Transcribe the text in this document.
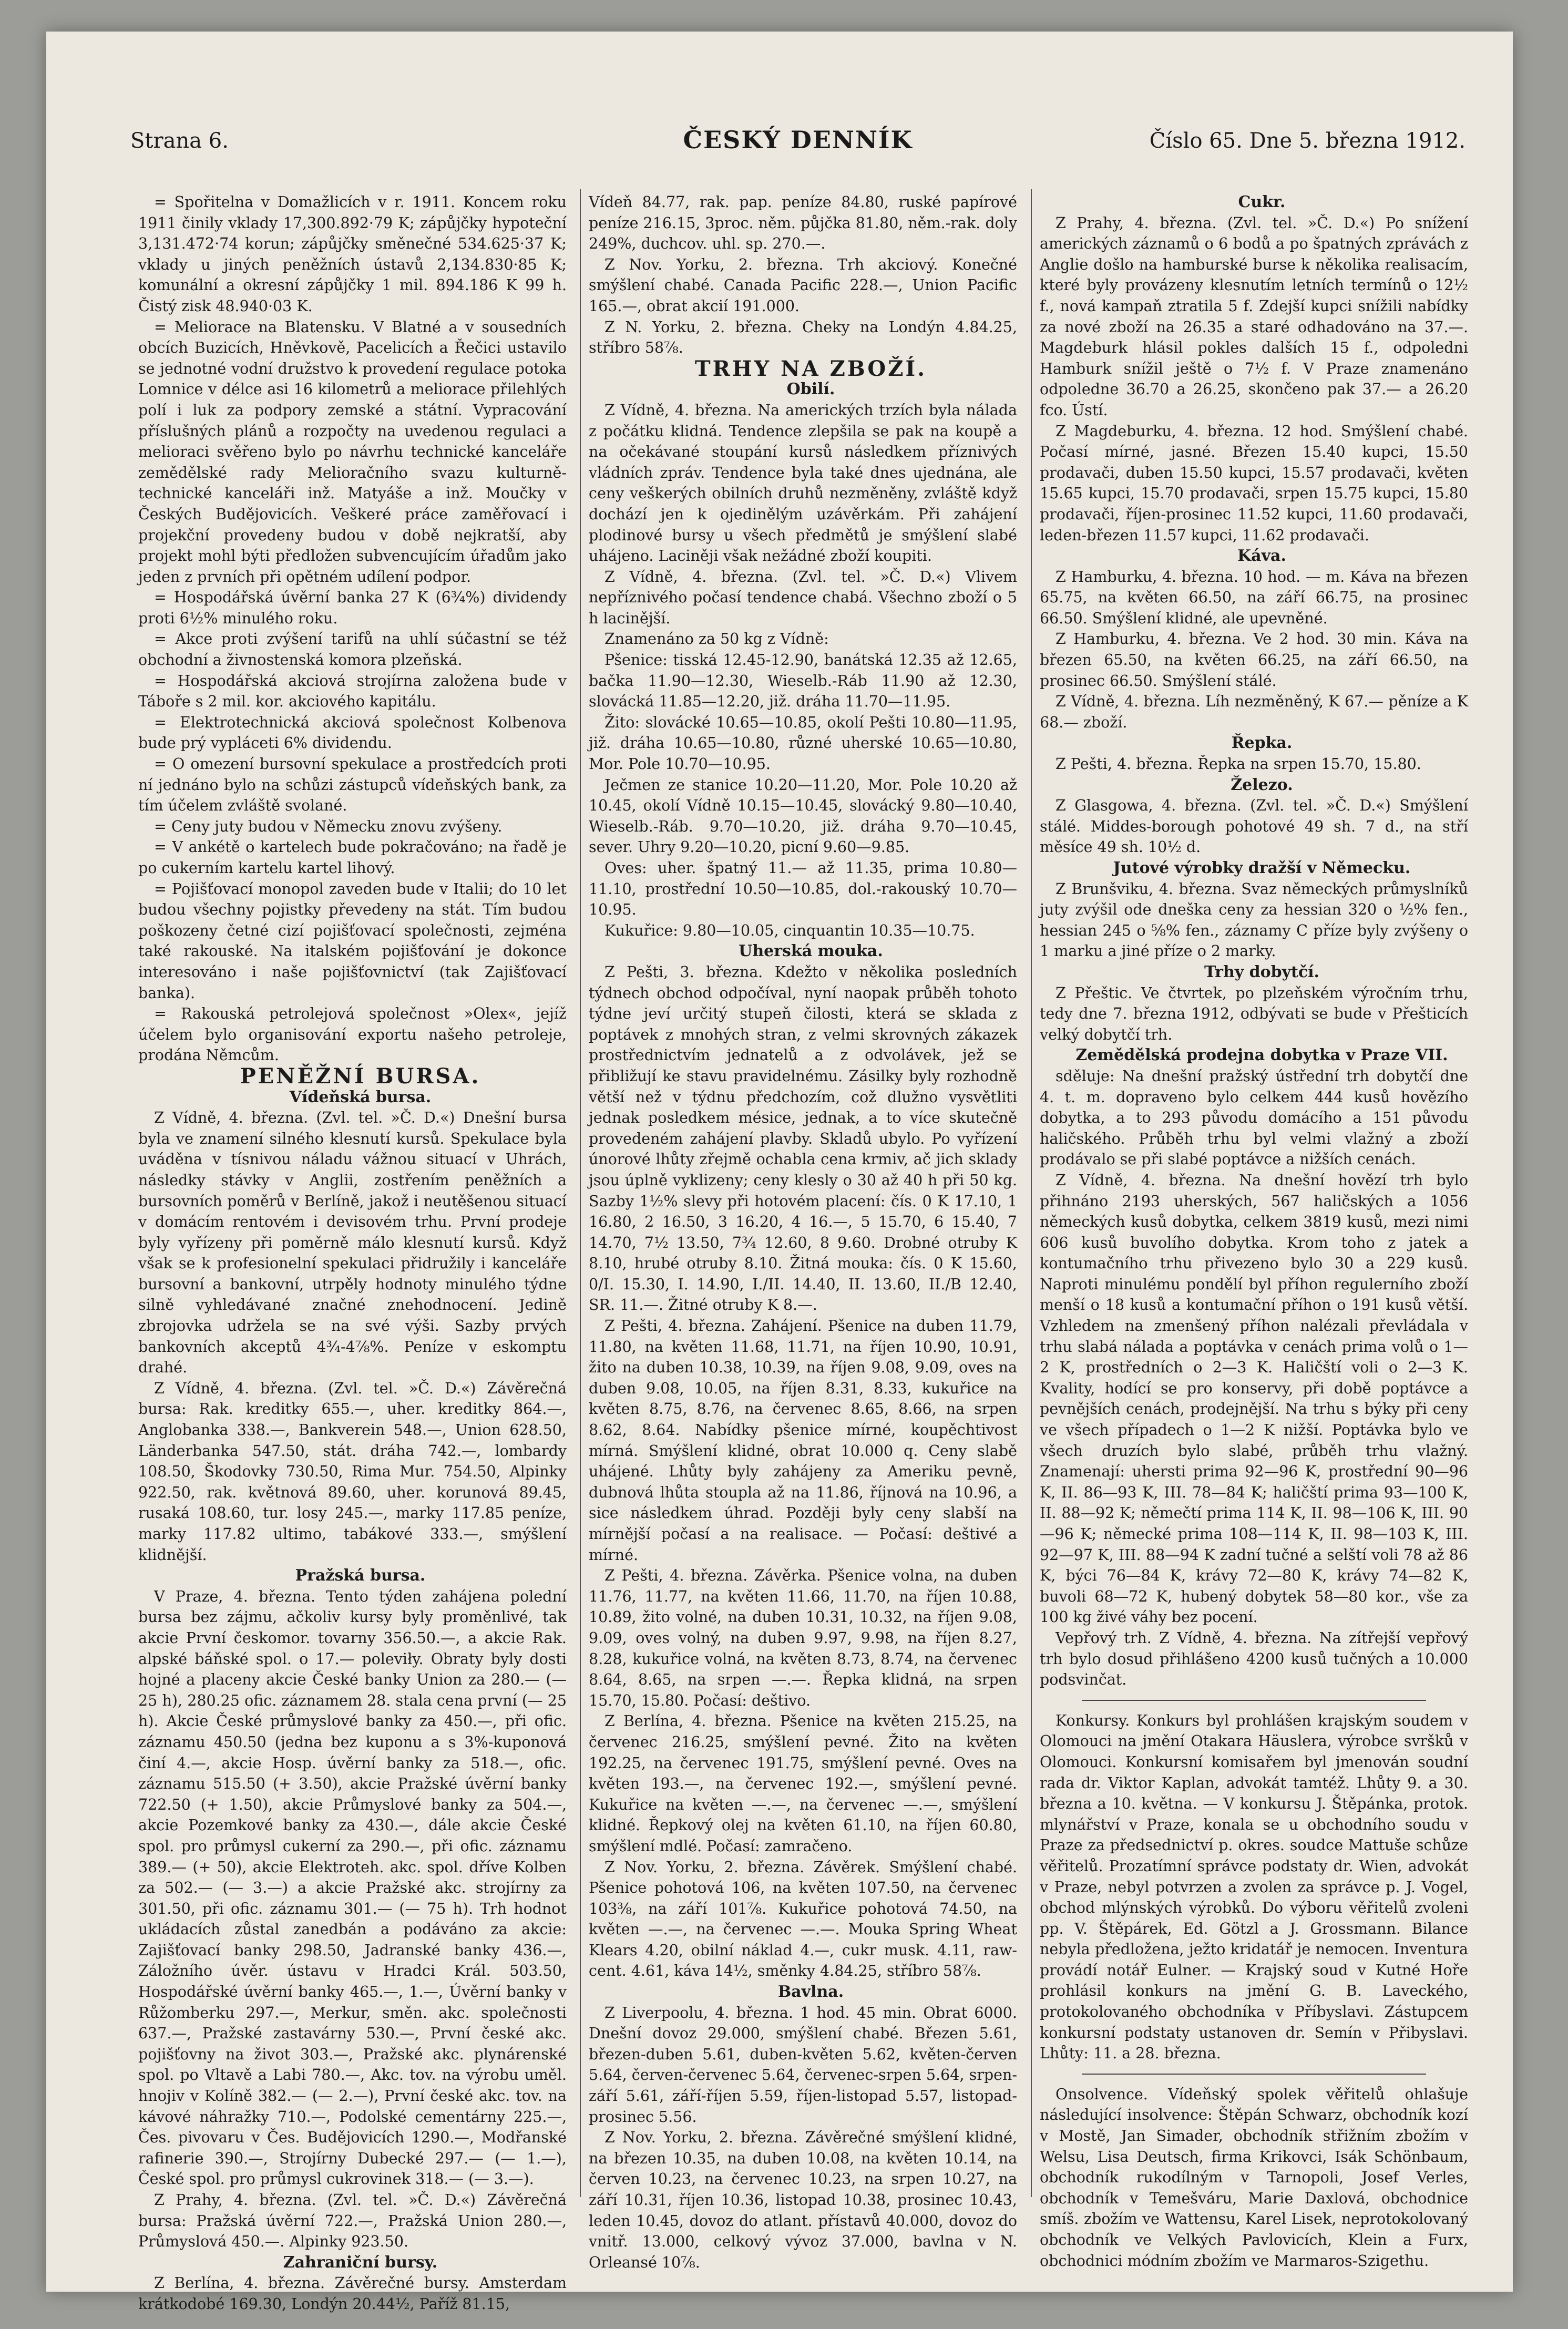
Strana 6.	ČESKÝ DENNÍK	Číslo 65. Dne 5. března 1912.

= Spořitelna v Domažlicích v r. 1911. Koncem roku 1911 činily vklady 17,300.892·79 K; zápůjčky hypoteční 3,131.472·74 korun; zápůjčky směnečné 534.625·37 K; vklady u jiných peněžních ústavů 2,134.830·85 K; komunální a okresní zápůjčky 1 mil. 894.186 K 99 h. Čistý zisk 48.940·03 K.

= Meliorace na Blatensku. V Blatné a v sousedních obcích Buzicích, Hněvkově, Pacelicích a Řečici ustavilo se jednotné vodní družstvo k provedení regulace potoka Lomnice v délce asi 16 kilometrů a meliorace přilehlých polí i luk za podpory zemské a státní. Vypracování příslušných plánů a rozpočty na uvedenou regulaci a melioraci svěřeno bylo po návrhu technické kanceláře zemědělské rady Melioračního svazu kulturně-technické kanceláři inž. Matyáše a inž. Moučky v Českých Budějovicích. Veškeré práce zaměřovací i projekční provedeny budou v době nejkratší, aby projekt mohl býti předložen subvencujícím úřadům jako jeden z prvních při opětném udílení podpor.

= Hospodářská úvěrní banka 27 K (6¾%) dividendy proti 6½% minulého roku.

= Akce proti zvýšení tarifů na uhlí súčastní se též obchodní a živnostenská komora plzeňská.

= Hospodářská akciová strojírna založena bude v Táboře s 2 mil. kor. akciového kapitálu.

= Elektrotechnická akciová společnost Kolbenova bude prý vypláceti 6% dividendu.

= O omezení bursovní spekulace a prostředcích proti ní jednáno bylo na schůzi zástupců vídeňských bank, za tím účelem zvláště svolané.

= Ceny juty budou v Německu znovu zvýšeny.

= V ankétě o kartelech bude pokračováno; na řadě je po cukerním kartelu kartel lihový.

= Pojišťovací monopol zaveden bude v Italii; do 10 let budou všechny pojistky převedeny na stát. Tím budou poškozeny četné cizí pojišťovací společnosti, zejména také rakouské. Na italském pojišťování je dokonce interesováno i naše pojišťovnictví (tak Zajišťovací banka).

= Rakouská petrolejová společnost »Olex«, jejíž účelem bylo organisování exportu našeho petroleje, prodána Němcům.

PENĚŽNÍ BURSA.

Vídeňská bursa.

Z Vídně, 4. března. (Zvl. tel. »Č. D.«) Dnešní bursa byla ve znamení silného klesnutí kursů. Spekulace byla uváděna v tísnivou náladu vážnou situací v Uhrách, následky stávky v Anglii, zostřením peněžních a bursovních poměrů v Berlíně, jakož i neutěšenou situací v domácím rentovém i devisovém trhu. První prodeje byly vyřízeny při poměrně málo klesnutí kursů. Když však se k profesionelní spekulaci přidružily i kanceláře bursovní a bankovní, utrpěly hodnoty minulého týdne silně vyhledávané značné znehodnocení. Jedině zbrojovka udržela se na své výši. Sazby prvých bankovních akceptů 4¾-4⅞%. Peníze v eskomptu drahé.

Z Vídně, 4. března. (Zvl. tel. »Č. D.«) Závěrečná bursa: Rak. kreditky 655.—, uher. kreditky 864.—, Anglobanka 338.—, Bankverein 548.—, Union 628.50, Länderbanka 547.50, stát. dráha 742.—, lombardy 108.50, Škodovky 730.50, Rima Mur. 754.50, Alpinky 922.50, rak. květnová 89.60, uher. korunová 89.45, rusaká 108.60, tur. losy 245.—, marky 117.85 peníze, marky 117.82 ultimo, tabákové 333.—, smýšlení klidnější.

Pražská bursa.

V Praze, 4. března. Tento týden zahájena polední bursa bez zájmu, ačkoliv kursy byly proměnlivé, tak akcie První českomor. tovarny 356.50.—, a akcie Rak. alpské báňské spol. o 17.— poleviły. Obraty byly dosti hojné a placeny akcie České banky Union za 280.— (— 25 h), 280.25 ofic. záznamem 28. stala cena první (— 25 h). Akcie České průmyslové banky za 450.—, při ofic. záznamu 450.50 (jedna bez kuponu a s 3%-kuponová činí 4.—, akcie Hosp. úvěrní banky za 518.—, ofic. záznamu 515.50 (+ 3.50), akcie Pražské úvěrní banky 722.50 (+ 1.50), akcie Průmyslové banky za 504.—, akcie Pozemkové banky za 430.—, dále akcie České spol. pro průmysl cukerní za 290.—, při ofic. záznamu 389.— (+ 50), akcie Elektroteh. akc. spol. dříve Kolben za 502.— (— 3.—) a akcie Pražské akc. strojírny za 301.50, při ofic. záznamu 301.— (— 75 h). Trh hodnot ukládacích zůstal zanedbán a podáváno za akcie: Zajišťovací banky 298.50, Jadranské banky 436.—, Záložního úvěr. ústavu v Hradci Král. 503.50, Hospodářské úvěrní banky 465.—, 1.—, Úvěrní banky v Růžomberku 297.—, Merkur, směn. akc. společnosti 637.—, Pražské zastavárny 530.—, První české akc. pojišťovny na život 303.—, Pražské akc. plynárenské spol. po Vltavě a Labi 780.—, Akc. tov. na výrobu uměl. hnojiv v Kolíně 382.— (— 2.—), První české akc. tov. na kávové náhražky 710.—, Podolské cementárny 225.—, Čes. pivovaru v Čes. Budějovicích 1290.—, Modřanské rafinerie 390.—, Strojírny Dubecké 297.— (— 1.—), České spol. pro průmysl cukrovinek 318.— (— 3.—).

Z Prahy, 4. března. (Zvl. tel. »Č. D.«) Závěrečná bursa: Pražská úvěrní 722.—, Pražská Union 280.—, Průmyslová 450.—. Alpinky 923.50.

Zahraniční bursy.

Z Berlína, 4. března. Závěrečné bursy. Amsterdam krátkodobé 169.30, Londýn 20.44½, Paříž 81.15,

Vídeň 84.77, rak. pap. peníze 84.80, ruské papírové peníze 216.15, 3proc. něm. půjčka 81.80, něm.-rak. doly 249%, duchcov. uhl. sp. 270.—.

Z Nov. Yorku, 2. března. Trh akciový. Konečné smýšlení chabé. Canada Pacific 228.—, Union Pacific 165.—, obrat akcií 191.000.

Z N. Yorku, 2. března. Cheky na Londýn 4.84.25, stříbro 58⅞.

TRHY NA ZBOŽÍ.

Obilí.

Z Vídně, 4. března. Na amerických trzích byla nálada z počátku klidná. Tendence zlepšila se pak na koupě a na očekávané stoupání kursů následkem příznivých vládních zpráv. Tendence byla také dnes ujednána, ale ceny veškerých obilních druhů nezměněny, zvláště když dochází jen k ojedinělým uzávěrkám. Při zahájení plodinové bursy u všech předmětů je smýšlení slabé uhájeno. Laciněji však nežádné zboží koupiti.

Z Vídně, 4. března. (Zvl. tel. »Č. D.«) Vlivem nepříznivého počasí tendence chabá. Všechno zboží o 5 h lacinější.

Znamenáno za 50 kg z Vídně:

Pšenice: tisská 12.45-12.90, banátská 12.35 až 12.65, bačka 11.90—12.30, Wieselb.-Ráb 11.90 až 12.30, slovácká 11.85—12.20, již. dráha 11.70—11.95.

Žito: slovácké 10.65—10.85, okolí Pešti 10.80—11.95, již. dráha 10.65—10.80, různé uherské 10.65—10.80, Mor. Pole 10.70—10.95.

Ječmen ze stanice 10.20—11.20, Mor. Pole 10.20 až 10.45, okolí Vídně 10.15—10.45, slovácký 9.80—10.40, Wieselb.-Ráb. 9.70—10.20, již. dráha 9.70—10.45, sever. Uhry 9.20—10.20, picní 9.60—9.85.

Oves: uher. špatný 11.— až 11.35, prima 10.80—11.10, prostřední 10.50—10.85, dol.-rakouský 10.70—10.95.

Kukuřice: 9.80—10.05, cinquantin 10.35—10.75.

Uherská mouka.

Z Pešti, 3. března. Kdežto v několika posledních týdnech obchod odpočíval, nyní naopak průběh tohoto týdne jeví určitý stupeň čilosti, která se sklada z poptávek z mnohých stran, z velmi skrovných zákazek prostřednictvím jednatelů a z odvolávek, jež se přibližují ke stavu pravidelnému. Zásilky byly rozhodně větší než v týdnu předchozím, což dlužno vysvětliti jednak posledkem mésice, jednak, a to více skutečně provedeném zahájení plavby. Skladů ubylo. Po vyřízení únorové lhůty zřejmě ochabla cena krmiv, ač jich sklady jsou úplně vyklizeny; ceny klesly o 30 až 40 h při 50 kg. Sazby 1½% slevy při hotovém placení: čís. 0 K 17.10, 1 16.80, 2 16.50, 3 16.20, 4 16.—, 5 15.70, 6 15.40, 7 14.70, 7½ 13.50, 7¾ 12.60, 8 9.60. Drobné otruby K 8.10, hrubé otruby 8.10. Žitná mouka: čís. 0 K 15.60, 0/I. 15.30, I. 14.90, I./II. 14.40, II. 13.60, II./B 12.40, SR. 11.—. Žitné otruby K 8.—.

Z Pešti, 4. března. Zahájení. Pšenice na duben 11.79, 11.80, na květen 11.68, 11.71, na říjen 10.90, 10.91, žito na duben 10.38, 10.39, na říjen 9.08, 9.09, oves na duben 9.08, 10.05, na říjen 8.31, 8.33, kukuřice na květen 8.75, 8.76, na červenec 8.65, 8.66, na srpen 8.62, 8.64. Nabídky pšenice mírné, koupěchtivost mírná. Smýšlení klidné, obrat 10.000 q. Ceny slabě uhájené. Lhůty byly zahájeny za Ameriku pevně, dubnová lhůta stoupla až na 11.86, říjnová na 10.96, a sice následkem úhrad. Později byly ceny slabší na mírnější počasí a na realisace. — Počasí: deštivé a mírné.

Z Pešti, 4. března. Závěrka. Pšenice volna, na duben 11.76, 11.77, na květen 11.66, 11.70, na říjen 10.88, 10.89, žito volné, na duben 10.31, 10.32, na říjen 9.08, 9.09, oves volný, na duben 9.97, 9.98, na říjen 8.27, 8.28, kukuřice volná, na květen 8.73, 8.74, na červenec 8.64, 8.65, na srpen —.—. Řepka klidná, na srpen 15.70, 15.80. Počasí: deštivo.

Z Berlína, 4. března. Pšenice na květen 215.25, na červenec 216.25, smýšlení pevné. Žito na květen 192.25, na červenec 191.75, smýšlení pevné. Oves na květen 193.—, na červenec 192.—, smýšlení pevné. Kukuřice na květen —.—, na červenec —.—, smýšlení klidné. Řepkový olej na květen 61.10, na říjen 60.80, smýšlení mdlé. Počasí: zamračeno.

Z Nov. Yorku, 2. března. Závěrek. Smýšlení chabé. Pšenice pohotová 106, na květen 107.50, na červenec 103⅜, na září 101⅞. Kukuřice pohotová 74.50, na květen —.—, na červenec —.—. Mouka Spring Wheat Klears 4.20, obilní náklad 4.—, cukr musk. 4.11, raw-cent. 4.61, káva 14½, směnky 4.84.25, stříbro 58⅞.

Bavlna.

Z Liverpoolu, 4. března. 1 hod. 45 min. Obrat 6000. Dnešní dovoz 29.000, smýšlení chabé. Březen 5.61, březen-duben 5.61, duben-květen 5.62, květen-červen 5.64, červen-červenec 5.64, červenec-srpen 5.64, srpen-září 5.61, září-říjen 5.59, říjen-listopad 5.57, listopad-prosinec 5.56.

Z Nov. Yorku, 2. března. Závěrečné smýšlení klidné, na březen 10.35, na duben 10.08, na květen 10.14, na červen 10.23, na červenec 10.23, na srpen 10.27, na září 10.31, říjen 10.36, listopad 10.38, prosinec 10.43, leden 10.45, dovoz do atlant. přístavů 40.000, dovoz do vnitř. 13.000, celkový vývoz 37.000, bavlna v N. Orleansé 10⅞.

Cukr.

Z Prahy, 4. března. (Zvl. tel. »Č. D.«) Po snížení amerických záznamů o 6 bodů a po špatných zprávách z Anglie došlo na hamburské burse k několika realisacím, které byly provázeny klesnutím letních termínů o 12½ f., nová kampaň ztratila 5 f. Zdejší kupci snížili nabídky za nové zboží na 26.35 a staré odhadováno na 37.—. Magdeburk hlásil pokles dalších 15 f., odpoledni Hamburk snížil ještě o 7½ f. V Praze znamenáno odpoledne 36.70 a 26.25, skončeno pak 37.— a 26.20 fco. Ústí.

Z Magdeburku, 4. března. 12 hod. Smýšlení chabé. Počasí mírné, jasné. Březen 15.40 kupci, 15.50 prodavači, duben 15.50 kupci, 15.57 prodavači, květen 15.65 kupci, 15.70 prodavači, srpen 15.75 kupci, 15.80 prodavači, říjen-prosinec 11.52 kupci, 11.60 prodavači, leden-březen 11.57 kupci, 11.62 prodavači.

Káva.

Z Hamburku, 4. března. 10 hod. — m. Káva na březen 65.75, na květen 66.50, na září 66.75, na prosinec 66.50. Smýšlení klidné, ale upevněné.

Z Hamburku, 4. března. Ve 2 hod. 30 min. Káva na březen 65.50, na květen 66.25, na září 66.50, na prosinec 66.50. Smýšlení stálé.

Z Vídně, 4. března. Líh nezměněný, K 67.— pěníze a K 68.— zboží.

Řepka.

Z Pešti, 4. března. Řepka na srpen 15.70, 15.80.

Železo.

Z Glasgowa, 4. března. (Zvl. tel. »Č. D.«) Smýšlení stálé. Middes-borough pohotové 49 sh. 7 d., na stří měsíce 49 sh. 10½ d.

Jutové výrobky dražší v Německu.

Z Brunšviku, 4. března. Svaz německých průmyslníků juty zvýšil ode dneška ceny za hessian 320 o ½% fen., hessian 245 o ⅝% fen., záznamy C příze byly zvýšeny o 1 marku a jiné příze o 2 marky.

Trhy dobytčí.

Z Přeštic. Ve čtvrtek, po plzeňském výročním trhu, tedy dne 7. března 1912, odbývati se bude v Přešticích velký dobytčí trh.

Zemědělská prodejna dobytka v Praze VII.

sděluje: Na dnešní pražský ústřední trh dobytčí dne 4. t. m. dopraveno bylo celkem 444 kusů hovězího dobytka, a to 293 původu domácího a 151 původu haličského. Průběh trhu byl velmi vlažný a zboží prodávalo se při slabé poptávce a nižších cenách.

Z Vídně, 4. března. Na dnešní hovězí trh bylo přihnáno 2193 uherských, 567 haličských a 1056 německých kusů dobytka, celkem 3819 kusů, mezi nimi 606 kusů buvolího dobytka. Krom toho z jatek a kontumačního trhu přivezeno bylo 30 a 229 kusů. Naproti minulému pondělí byl příhon regulerního zboží menší o 18 kusů a kontumační příhon o 191 kusů větší. Vzhledem na zmenšený příhon nalézali převládala v trhu slabá nálada a poptávka v cenách prima volů o 1—2 K, prostředních o 2—3 K. Haličští voli o 2—3 K. Kvality, hodící se pro konservy, při době poptávce a pevnějších cenách, prodejnější. Na trhu s býky při ceny ve všech případech o 1—2 K nižší. Poptávka bylo ve všech druzích bylo slabé, průběh trhu vlažný. Znamenají: uhersti prima 92—96 K, prostřední 90—96 K, II. 86—93 K, III. 78—84 K; haličští prima 93—100 K, II. 88—92 K; němečtí prima 114 K, II. 98—106 K, III. 90—96 K; německé prima 108—114 K, II. 98—103 K, III. 92—97 K, III. 88—94 K zadní tučné a selští voli 78 až 86 K, býci 76—84 K, krávy 72—80 K, krávy 74—82 K, buvoli 68—72 K, hubený dobytek 58—80 kor., vše za 100 kg živé váhy bez pocení.

Vepřový trh. Z Vídně, 4. března. Na zítřejší vepřový trh bylo dosud přihlášeno 4200 kusů tučných a 10.000 podsvinčat.

Konkursy. Konkurs byl prohlášen krajským soudem v Olomouci na jmění Otakara Häuslera, výrobce svršků v Olomouci. Konkursní komisařem byl jmenován soudní rada dr. Viktor Kaplan, advokát tamtéž. Lhůty 9. a 30. března a 10. května. — V konkursu J. Štěpánka, protok. mlynářství v Praze, konala se u obchodního soudu v Praze za předsednictví p. okres. soudce Mattuše schůze věřitelů. Prozatímní správce podstaty dr. Wien, advokát v Praze, nebyl potvrzen a zvolen za správce p. J. Vogel, obchod mlýnských výrobků. Do výboru věřitelů zvoleni pp. V. Štěpárek, Ed. Götzl a J. Grossmann. Bilance nebyla předložena, ježto kridatář je nemocen. Inventura provádí notář Eulner. — Krajský soud v Kutné Hoře prohlásil konkurs na jmění G. B. Laveckého, protokolovaného obchodníka v Příbyslavi. Zástupcem konkursní podstaty ustanoven dr. Semín v Přibyslavi. Lhůty: 11. a 28. března.

Onsolvence. Vídeňský spolek věřitelů ohlašuje následující insolvence: Štěpán Schwarz, obchodník kozí v Mostě, Jan Simader, obchodník střižním zbožím v Welsu, Lisa Deutsch, firma Krikovci, Isák Schönbaum, obchodník rukodílným v Tarnopoli, Josef Verles, obchodník v Temešváru, Marie Daxlová, obchodnice smíš. zbožím ve Wattensu, Karel Lisek, neprotokolovaný obchodník ve Velkých Pavlovicích, Klein a Furx, obchodnici módním zbožím ve Marmaros-Szigethu.
